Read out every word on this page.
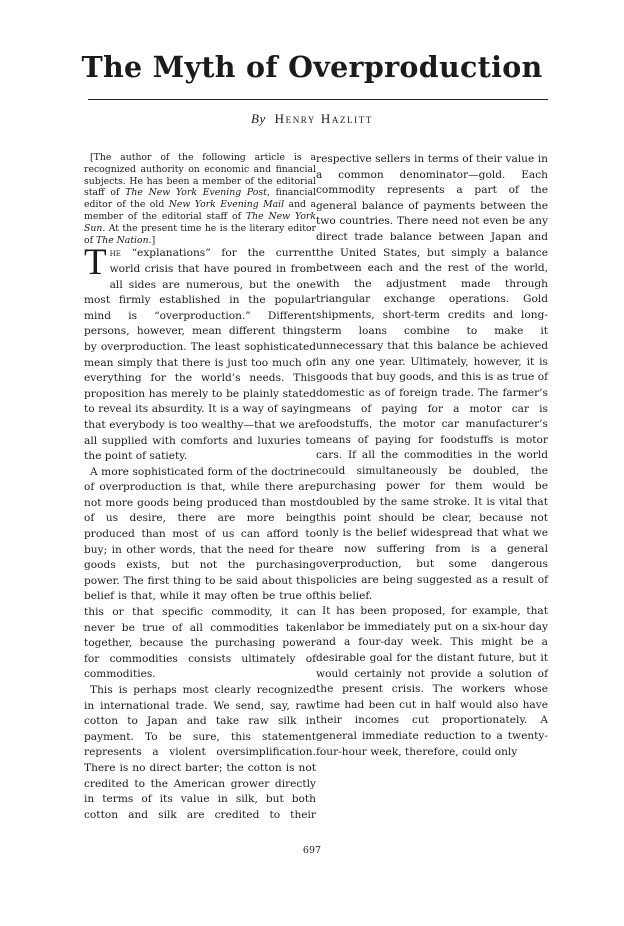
The Myth of Overproduction
By Henry Hazlitt

[The author of the following article is a recognized authority on economic and financial subjects. He has been a member of the editorial staff of The New York Evening Post, financial editor of the old New York Evening Mail and a member of the editorial staff of The New York Sun. At the present time he is the literary editor of The Nation.]

The “explanations” for the current world crisis that have poured in from all sides are numerous, but the one most firmly established in the popular mind is “overproduction.” Different persons, however, mean different things by overproduction. The least sophisticated mean simply that there is just too much of everything for the world’s needs. This proposition has merely to be plainly stated to reveal its absurdity. It is a way of saying that everybody is too wealthy—that we are all supplied with comforts and luxuries to the point of satiety.

A more sophisticated form of the doctrine of overproduction is that, while there are not more goods being produced than most of us desire, there are more being produced than most of us can afford to buy; in other words, that the need for the goods exists, but not the purchasing power. The first thing to be said about this belief is that, while it may often be true of this or that specific commodity, it can never be true of all commodities taken together, because the purchasing power for commodities consists ultimately of commodities.

This is perhaps most clearly recognized in international trade. We send, say, raw cotton to Japan and take raw silk in payment. To be sure, this statement represents a violent oversimplification. There is no direct barter; the cotton is not credited to the American grower directly in terms of its value in silk, but both cotton and silk are credited to their

respective sellers in terms of their value in a common denominator—gold. Each commodity represents a part of the general balance of payments between the two countries. There need not even be any direct trade balance between Japan and the United States, but simply a balance between each and the rest of the world, with the adjustment made through triangular exchange operations. Gold shipments, short-term credits and long-term loans combine to make it unnecessary that this balance be achieved in any one year. Ultimately, however, it is goods that buy goods, and this is as true of domestic as of foreign trade. The farmer’s means of paying for a motor car is foodstuffs, the motor car manufacturer’s means of paying for foodstuffs is motor cars. If all the commodities in the world could simultaneously be doubled, the purchasing power for them would be doubled by the same stroke. It is vital that this point should be clear, because not only is the belief widespread that what we are now suffering from is a general overproduction, but some dangerous policies are being suggested as a result of this belief.

It has been proposed, for example, that labor be immediately put on a six-hour day and a four-day week. This might be a desirable goal for the distant future, but it would certainly not provide a solution of the present crisis. The workers whose time had been cut in half would also have their incomes cut proportionately. A general immediate reduction to a twenty-four-hour week, therefore, could only

697
